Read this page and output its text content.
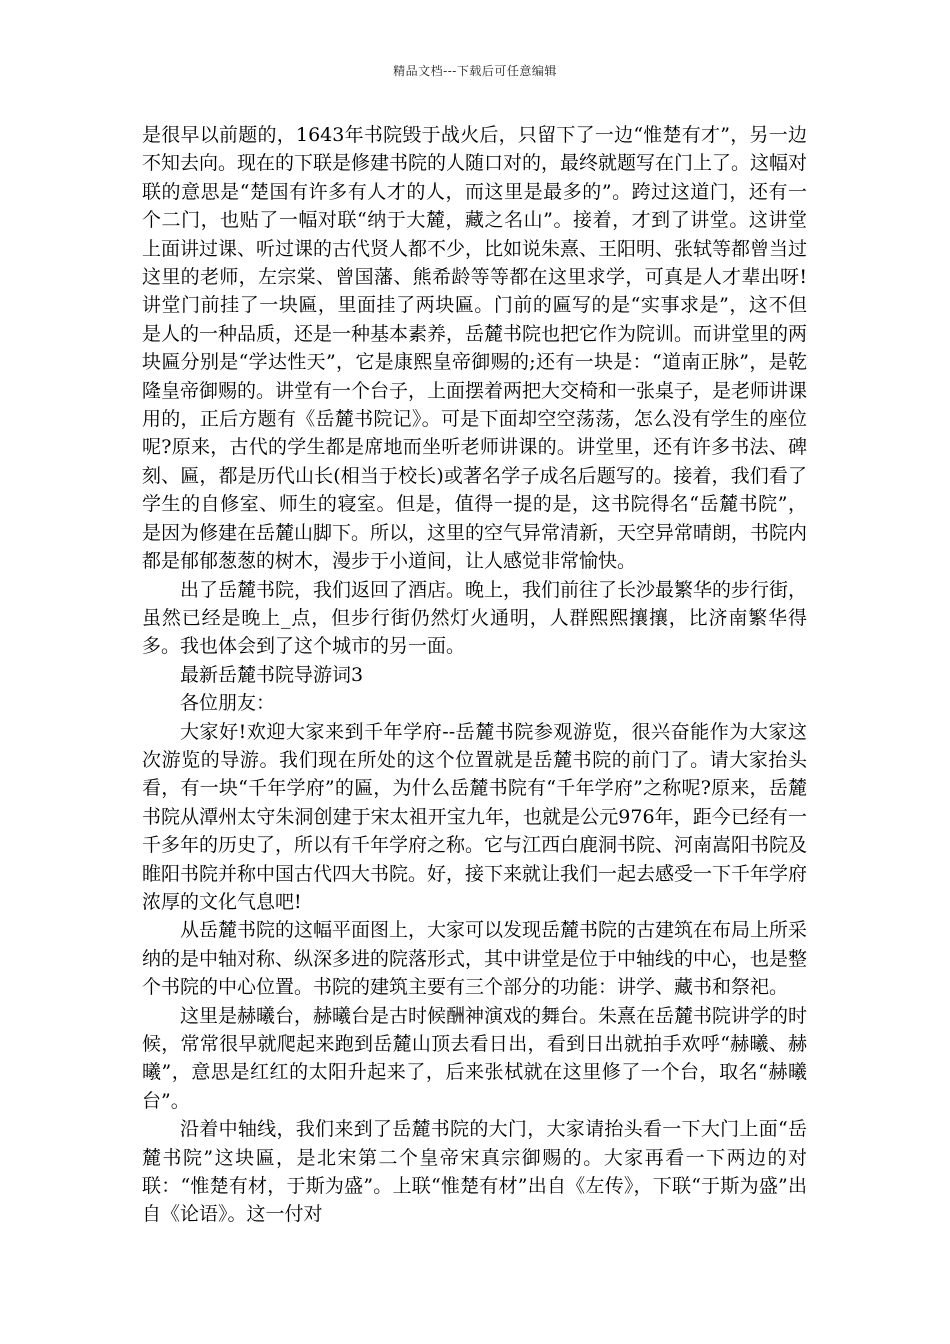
精品文档---下载后可任意编辑

是很早以前题的，1643年书院毁于战火后，只留下了一边“惟楚有才”，另一边不知去向。现在的下联是修建书院的人随口对的，最终就题写在门上了。这幅对联的意思是“楚国有许多有人才的人，而这里是最多的”。跨过这道门，还有一个二门，也贴了一幅对联“纳于大麓，藏之名山”。接着，才到了讲堂。这讲堂上面讲过课、听过课的古代贤人都不少，比如说朱熹、王阳明、张轼等都曾当过这里的老师，左宗棠、曾国藩、熊希龄等等都在这里求学，可真是人才辈出呀!讲堂门前挂了一块匾，里面挂了两块匾。门前的匾写的是“实事求是”，这不但是人的一种品质，还是一种基本素养，岳麓书院也把它作为院训。而讲堂里的两块匾分别是“学达性天”，它是康熙皇帝御赐的;还有一块是：“道南正脉”，是乾隆皇帝御赐的。讲堂有一个台子，上面摆着两把大交椅和一张桌子，是老师讲课用的，正后方题有《岳麓书院记》。可是下面却空空荡荡，怎么没有学生的座位呢?原来，古代的学生都是席地而坐听老师讲课的。讲堂里，还有许多书法、碑刻、匾，都是历代山长(相当于校长)或著名学子成名后题写的。接着，我们看了学生的自修室、师生的寝室。但是，值得一提的是，这书院得名“岳麓书院”，是因为修建在岳麓山脚下。所以，这里的空气异常清新，天空异常晴朗，书院内都是郁郁葱葱的树木，漫步于小道间，让人感觉非常愉快。

出了岳麓书院，我们返回了酒店。晚上，我们前往了长沙最繁华的步行街，虽然已经是晚上_点，但步行街仍然灯火通明，人群熙熙攘攘，比济南繁华得多。我也体会到了这个城市的另一面。

最新岳麓书院导游词3

各位朋友：

大家好!欢迎大家来到千年学府--岳麓书院参观游览，很兴奋能作为大家这次游览的导游。我们现在所处的这个位置就是岳麓书院的前门了。请大家抬头看，有一块“千年学府”的匾，为什么岳麓书院有“千年学府”之称呢?原来，岳麓书院从潭州太守朱洞创建于宋太祖开宝九年，也就是公元976年，距今已经有一千多年的历史了，所以有千年学府之称。它与江西白鹿洞书院、河南嵩阳书院及睢阳书院并称中国古代四大书院。好，接下来就让我们一起去感受一下千年学府浓厚的文化气息吧!

从岳麓书院的这幅平面图上，大家可以发现岳麓书院的古建筑在布局上所采纳的是中轴对称、纵深多进的院落形式，其中讲堂是位于中轴线的中心，也是整个书院的中心位置。书院的建筑主要有三个部分的功能：讲学、藏书和祭祀。

这里是赫曦台，赫曦台是古时候酬神演戏的舞台。朱熹在岳麓书院讲学的时候，常常很早就爬起来跑到岳麓山顶去看日出，看到日出就拍手欢呼“赫曦、赫曦”，意思是红红的太阳升起来了，后来张栻就在这里修了一个台，取名“赫曦台”。

沿着中轴线，我们来到了岳麓书院的大门，大家请抬头看一下大门上面“岳麓书院”这块匾，是北宋第二个皇帝宋真宗御赐的。大家再看一下两边的对联：“惟楚有材，于斯为盛”。上联“惟楚有材”出自《左传》，下联“于斯为盛”出自《论语》。这一付对
